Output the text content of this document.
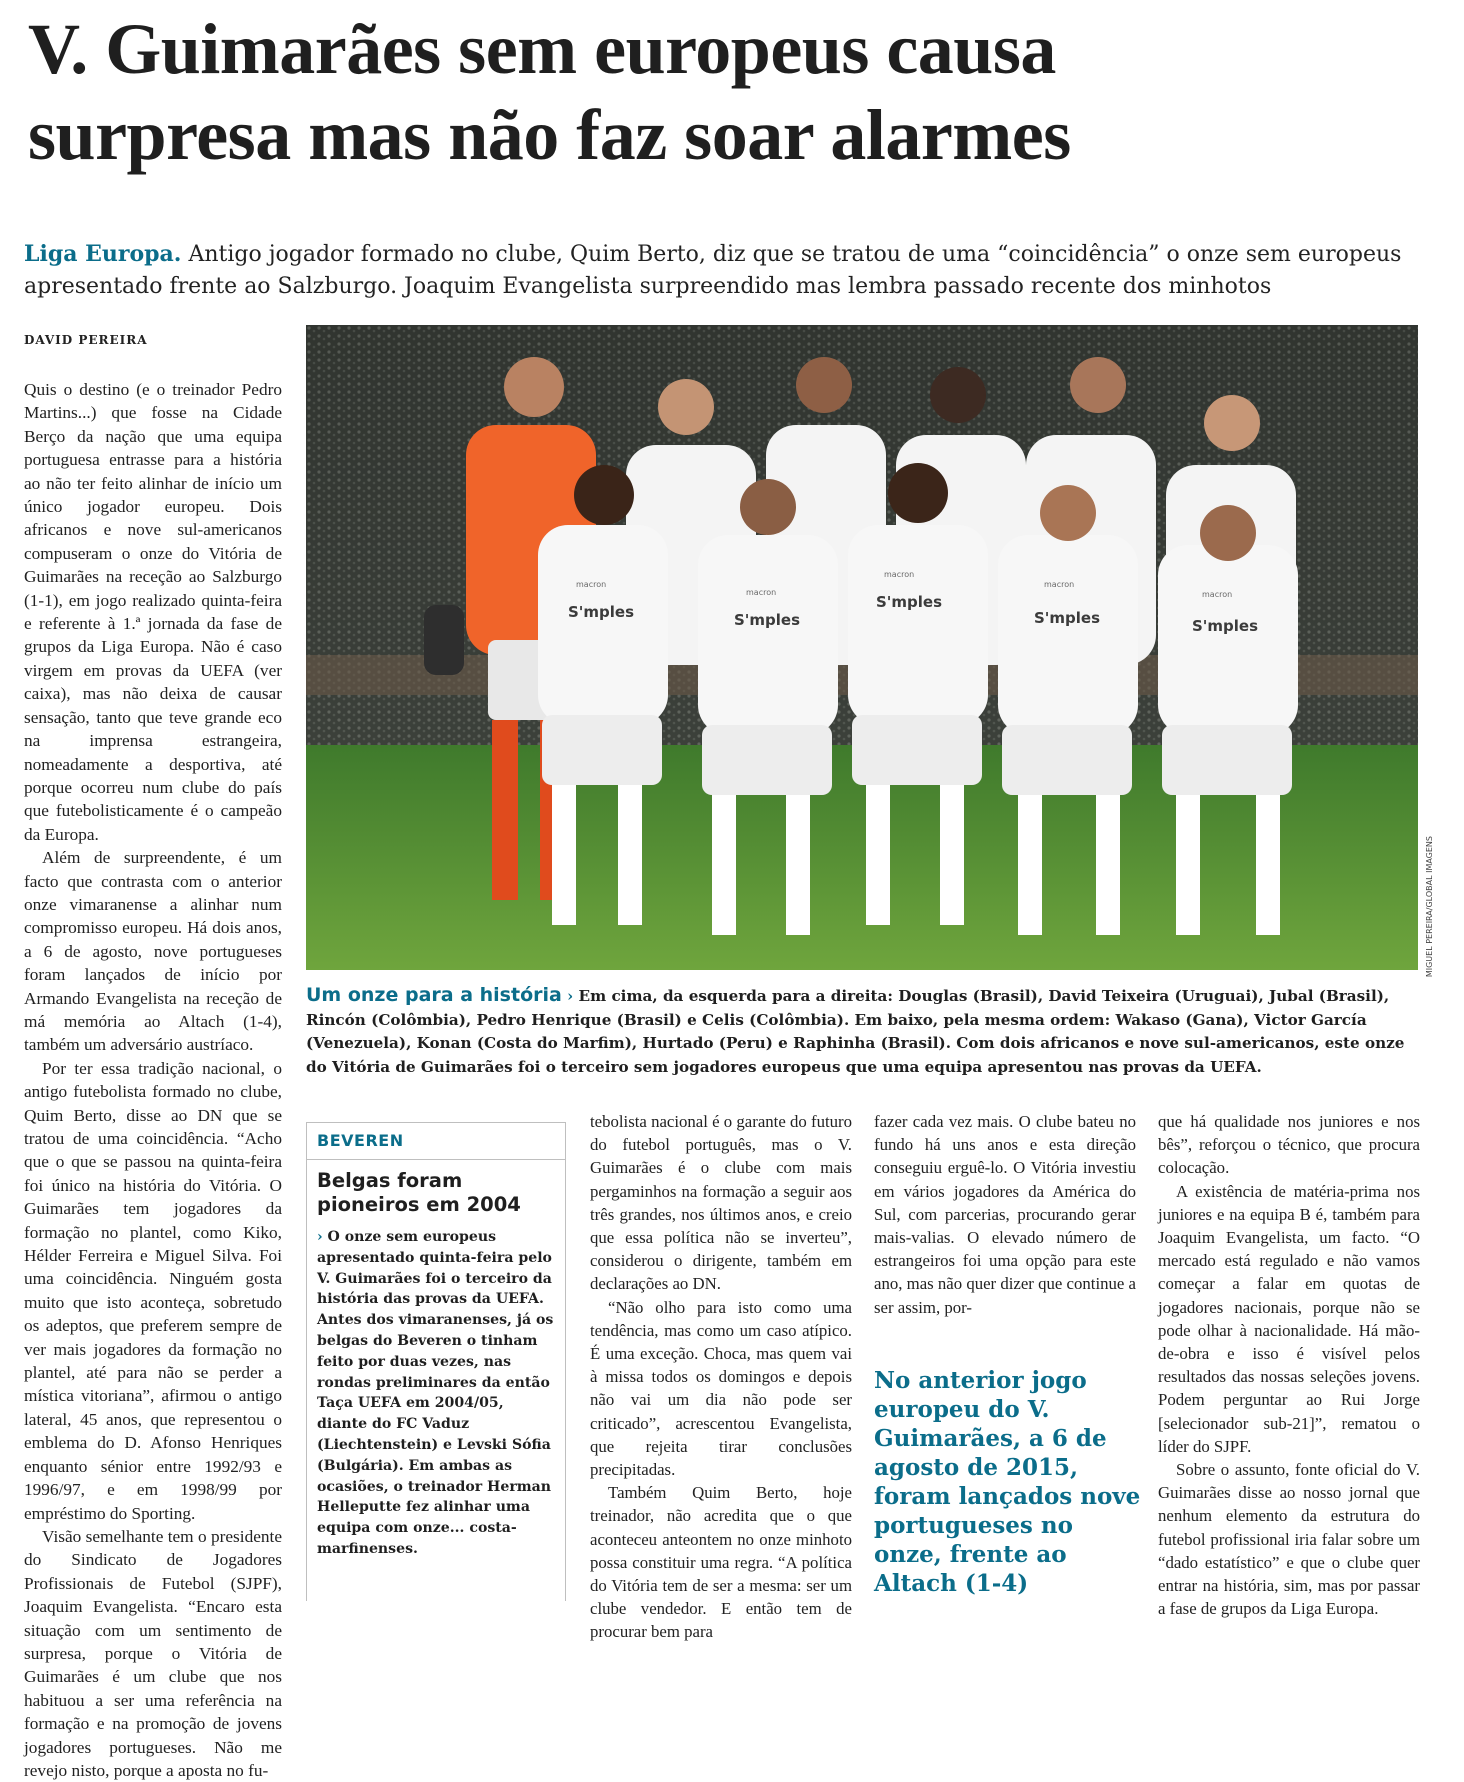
V. Guimarães sem europeus causa
surpresa mas não faz soar alarmes

Liga Europa. Antigo jogador formado no clube, Quim Berto, diz que se tratou de uma “coincidência” o onze sem europeus apresentado frente ao Salzburgo. Joaquim Evangelista surpreendido mas lembra passado recente dos minhotos

DAVID PEREIRA

Quis o destino (e o treinador Pedro Martins...) que fosse na Cidade Berço da nação que uma equipa portuguesa entrasse para a história ao não ter feito alinhar de início um único jogador europeu. Dois africanos e nove sul-americanos compuseram o onze do Vitória de Guimarães na receção ao Salzburgo (1-1), em jogo realizado quinta-feira e referente à 1.ª jornada da fase de grupos da Liga Europa. Não é caso virgem em provas da UEFA (ver caixa), mas não deixa de causar sensação, tanto que teve grande eco na imprensa estrangeira, nomeadamente a desportiva, até porque ocorreu num clube do país que futebolisticamente é o campeão da Europa.

Além de surpreendente, é um facto que contrasta com o anterior onze vimaranense a alinhar num compromisso europeu. Há dois anos, a 6 de agosto, nove portugueses foram lançados de início por Armando Evangelista na receção de má memória ao Altach (1-4), também um adversário austríaco.

Por ter essa tradição nacional, o antigo futebolista formado no clube, Quim Berto, disse ao DN que se tratou de uma coincidência. “Acho que o que se passou na quinta-feira foi único na história do Vitória. O Guimarães tem jogadores da formação no plantel, como Kiko, Hélder Ferreira e Miguel Silva. Foi uma coincidência. Ninguém gosta muito que isto aconteça, sobretudo os adeptos, que preferem sempre de ver mais jogadores da formação no plantel, até para não se perder a mística vitoriana”, afirmou o antigo lateral, 45 anos, que representou o emblema do D. Afonso Henriques enquanto sénior entre 1992/93 e 1996/97, e em 1998/99 por empréstimo do Sporting.

Visão semelhante tem o presidente do Sindicato de Jogadores Profissionais de Futebol (SJPF), Joaquim Evangelista. “Encaro esta situação com um sentimento de surpresa, porque o Vitória de Guimarães é um clube que nos habituou a ser uma referência na formação e na promoção de jovens jogadores portugueses. Não me revejo nisto, porque a aposta no fu-

S'mples	S'mples
S'mples
S'mples	S'mples
macron
macron
macron
macron
macron
MIGUEL PEREIRA/GLOBAL IMAGENS

Um onze para a história › Em cima, da esquerda para a direita: Douglas (Brasil), David Teixeira (Uruguai), Jubal (Brasil), Rincón (Colômbia), Pedro Henrique (Brasil) e Celis (Colômbia). Em baixo, pela mesma ordem: Wakaso (Gana), Victor García (Venezuela), Konan (Costa do Marfim), Hurtado (Peru) e Raphinha (Brasil). Com dois africanos e nove sul-americanos, este onze do Vitória de Guimarães foi o terceiro sem jogadores europeus que uma equipa apresentou nas provas da UEFA.

BEVEREN
Belgas foram pioneiros em 2004

› O onze sem europeus apresentado quinta-feira pelo V. Guimarães foi o terceiro da história das provas da UEFA. Antes dos vimaranenses, já os belgas do Beveren o tinham feito por duas vezes, nas rondas preliminares da então Taça UEFA em 2004/05, diante do FC Vaduz (Liechtenstein) e Levski Sófia (Bulgária). Em ambas as ocasiões, o treinador Herman Helleputte fez alinhar uma equipa com onze... costa-marfinenses.

tebolista nacional é o garante do futuro do futebol português, mas o V. Guimarães é o clube com mais pergaminhos na formação a seguir aos três grandes, nos últimos anos, e creio que essa política não se inverteu”, considerou o dirigente, também em declarações ao DN.

“Não olho para isto como uma tendência, mas como um caso atípico. É uma exceção. Choca, mas quem vai à missa todos os domingos e depois não vai um dia não pode ser criticado”, acrescentou Evangelista, que rejeita tirar conclusões precipitadas.

Também Quim Berto, hoje treinador, não acredita que o que aconteceu anteontem no onze minhoto possa constituir uma regra. “A política do Vitória tem de ser a mesma: ser um clube vendedor. E então tem de procurar bem para

fazer cada vez mais. O clube bateu no fundo há uns anos e esta direção conseguiu erguê-lo. O Vitória investiu em vários jogadores da América do Sul, com parcerias, procurando gerar mais-valias. O elevado número de estrangeiros foi uma opção para este ano, mas não quer dizer que continue a ser assim, por-

No anterior jogo europeu do V. Guimarães, a 6 de agosto de 2015, foram lançados nove portugueses no onze, frente ao Altach (1-4)

que há qualidade nos juniores e nos bês”, reforçou o técnico, que procura colocação.

A existência de matéria-prima nos juniores e na equipa B é, também para Joaquim Evangelista, um facto. “O mercado está regulado e não vamos começar a falar em quotas de jogadores nacionais, porque não se pode olhar à nacionalidade. Há mão-de-obra e isso é visível pelos resultados das nossas seleções jovens. Podem perguntar ao Rui Jorge [selecionador sub-21]”, rematou o líder do SJPF.

Sobre o assunto, fonte oficial do V. Guimarães disse ao nosso jornal que nenhum elemento da estrutura do futebol profissional iria falar sobre um “dado estatístico” e que o clube quer entrar na história, sim, mas por passar a fase de grupos da Liga Europa.
